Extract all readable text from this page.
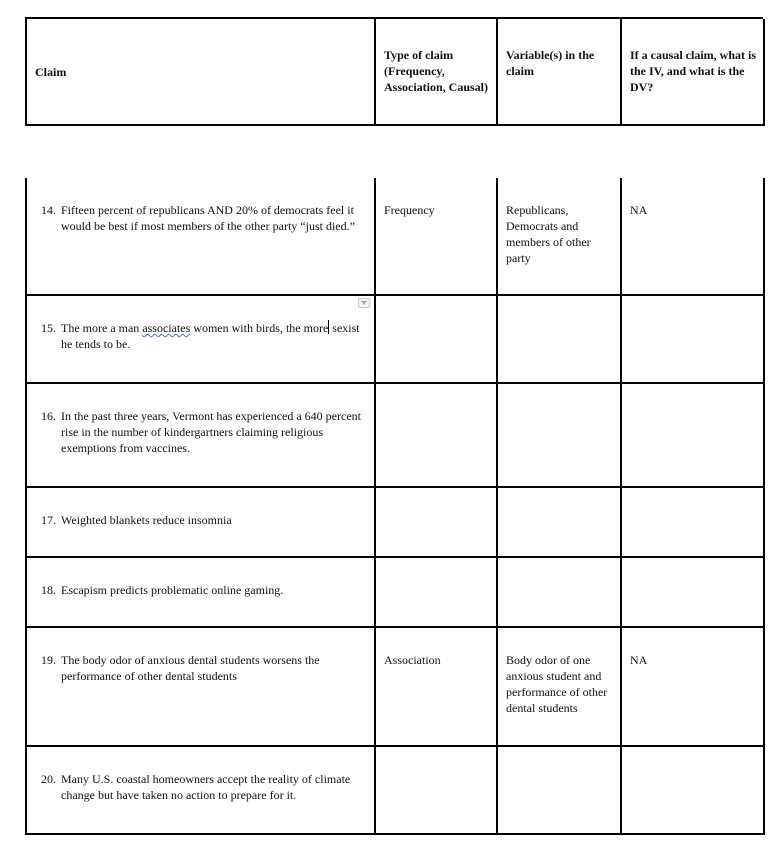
Claim
Type of claim (Frequency, Association, Causal)
Variable(s) in the claim
If a causal claim, what is the IV, and what is the DV?
14. Fifteen percent of republicans AND 20% of democrats feel it would be best if most members of the other party “just died.”
Frequency	Republicans, Democrats and members of other party
NA
15. The more a man associates women with birds, the more sexist he tends to be.
16. In the past three years, Vermont has experienced a 640 percent rise in the number of kindergartners claiming religious exemptions from vaccines.
17. Weighted blankets reduce insomnia
18. Escapism predicts problematic online gaming.
19. The body odor of anxious dental students worsens the performance of other dental students
Association	Body odor of one anxious student and performance of other dental students
NA
20. Many U.S. coastal homeowners accept the reality of climate change but have taken no action to prepare for it.
